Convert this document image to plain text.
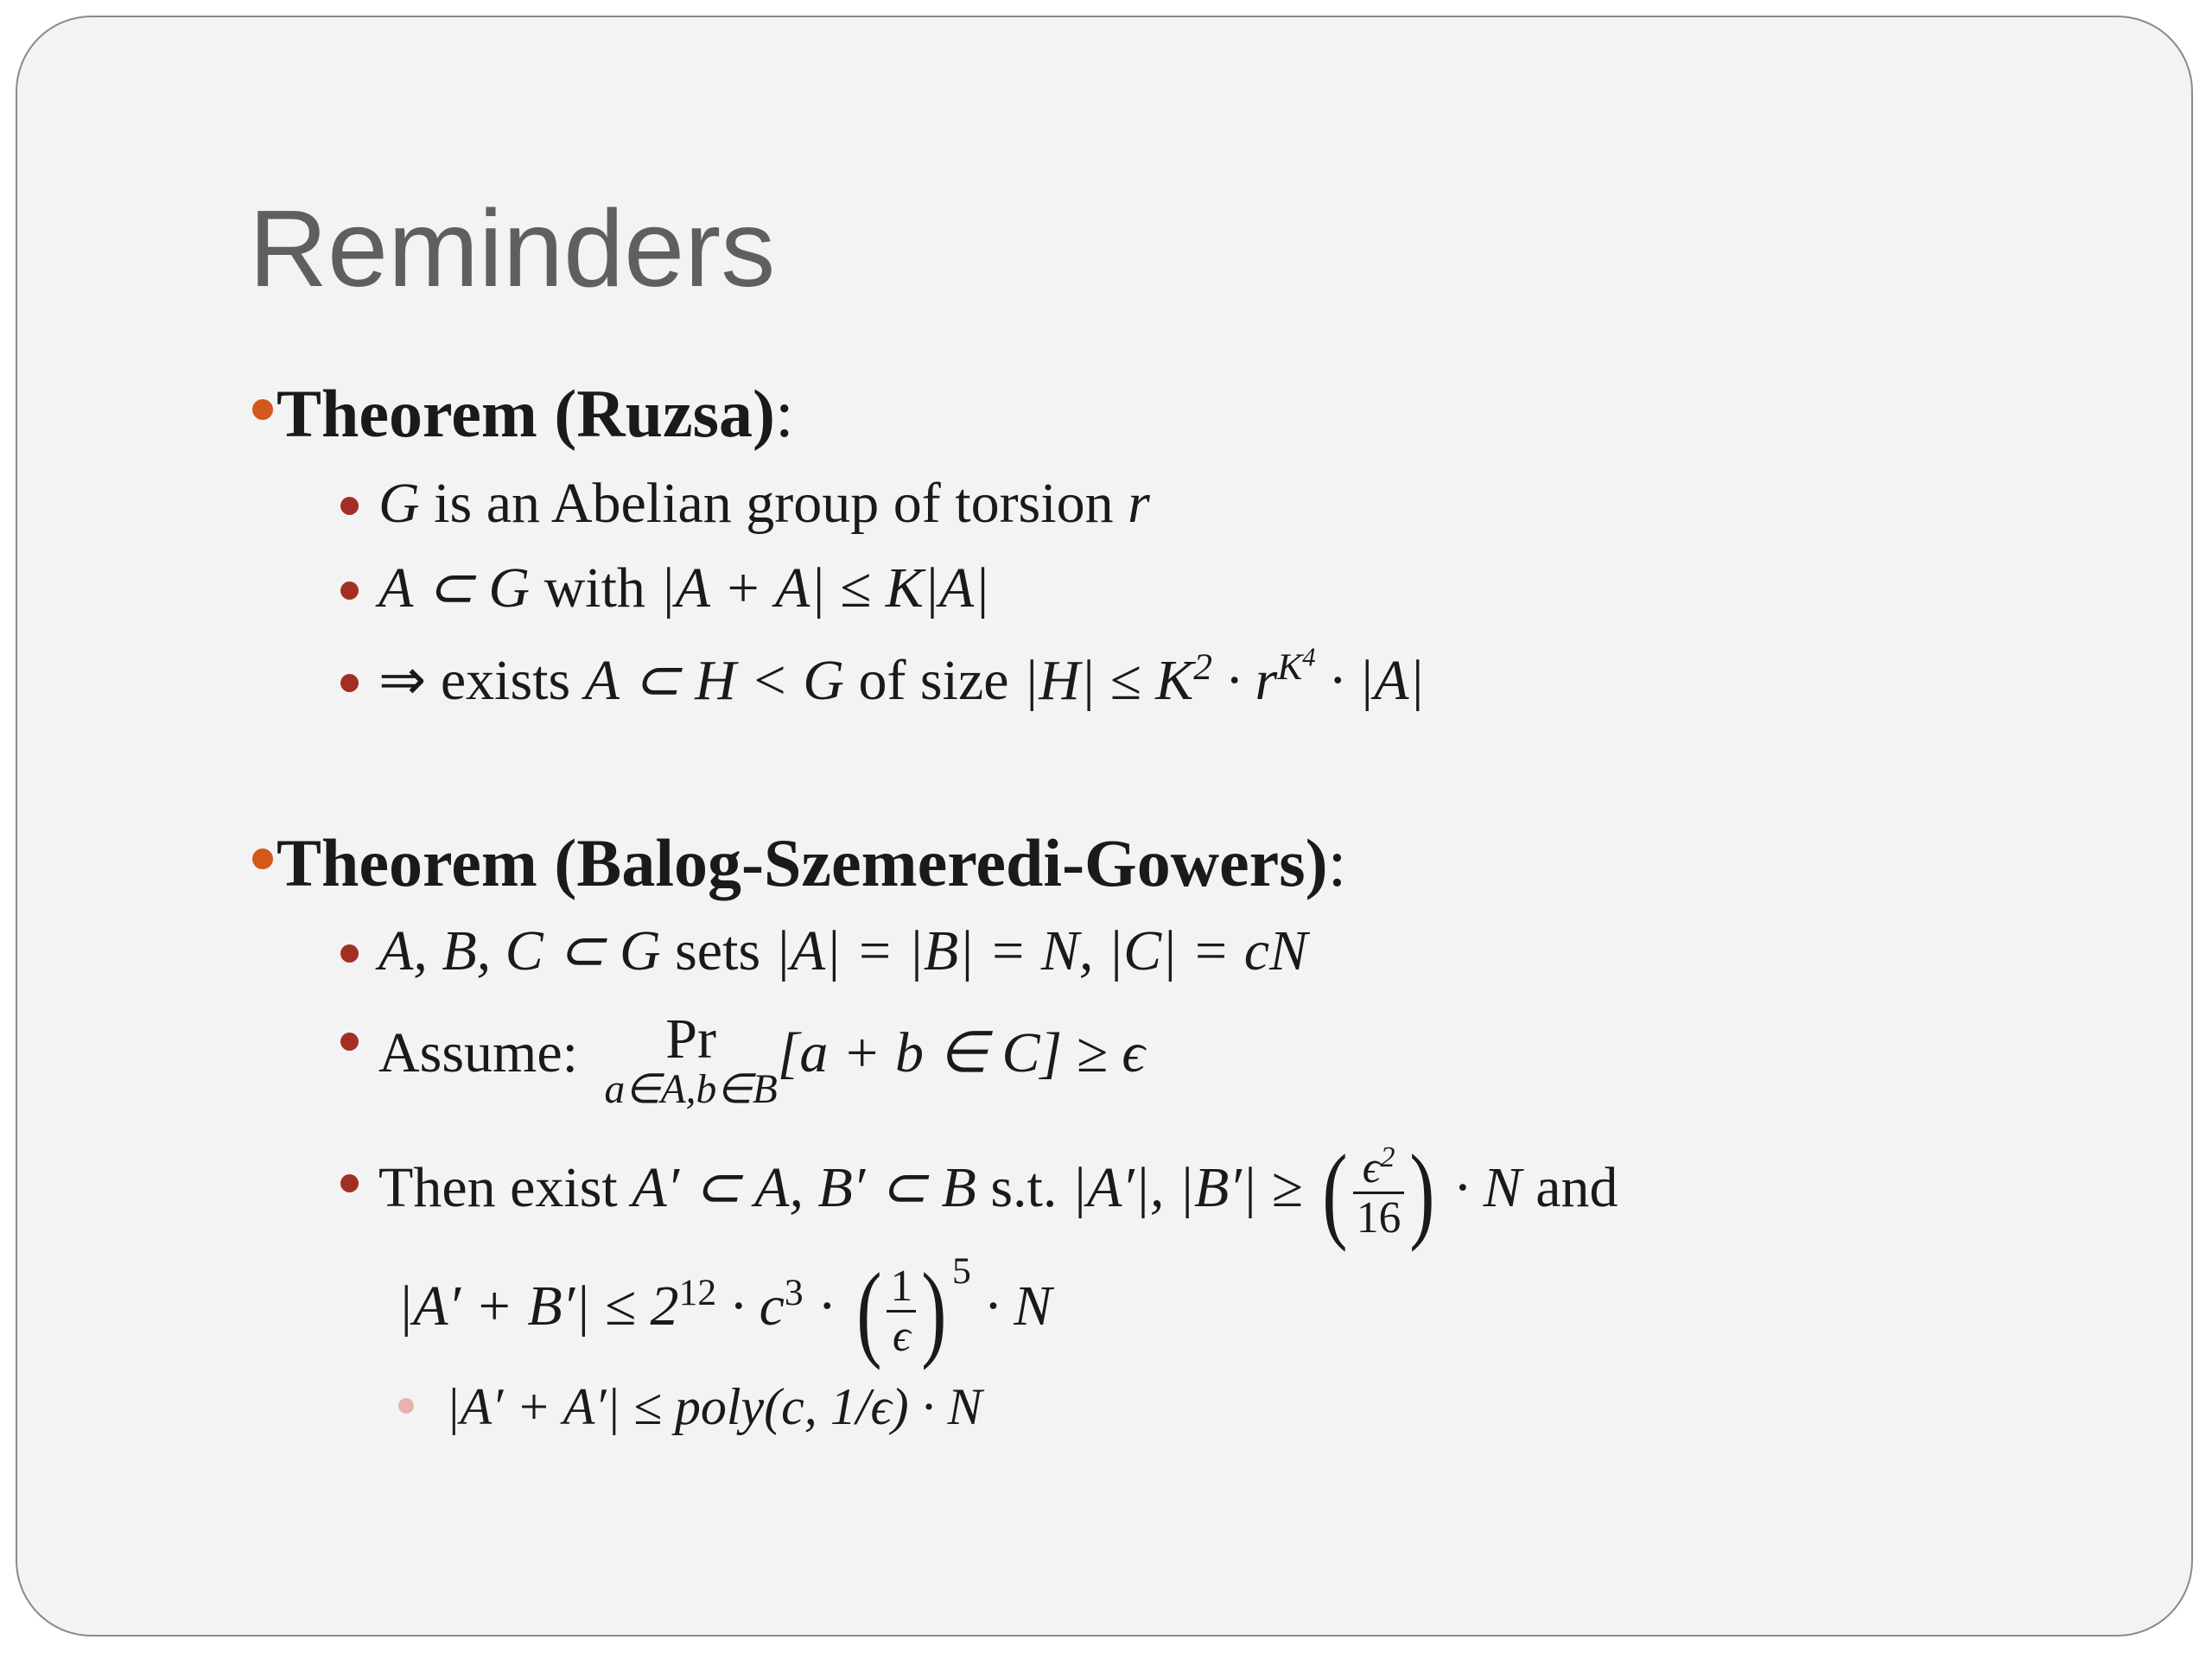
Reminders
Theorem (Ruzsa):
G is an Abelian group of torsion r
A ⊂ G with |A + A| ≤ K|A|
⇒ exists A ⊂ H < G of size $|H| \le K^2 \cdot r^{K^4} \cdot |A|$
Theorem (Balog-Szemeredi-Gowers):
A, B, C ⊂ G sets |A| = |B| = N, |C| = cN
Assume:	Pr
a∈A,b∈B
[a + b ∈ C] ≥ ϵ
Then exist A′ ⊂ A, B′ ⊂ B s.t. |A′|, |B′| ≥ ( $\frac{\epsilon^2}{16}$ ) · N and
$|A' + B'| \le 2^{12} \cdot c^3$ · ( $\frac{1}{\epsilon}$ ) $^5$ · N
|A′ + A′| ≤ poly(c, 1/ϵ) · N
